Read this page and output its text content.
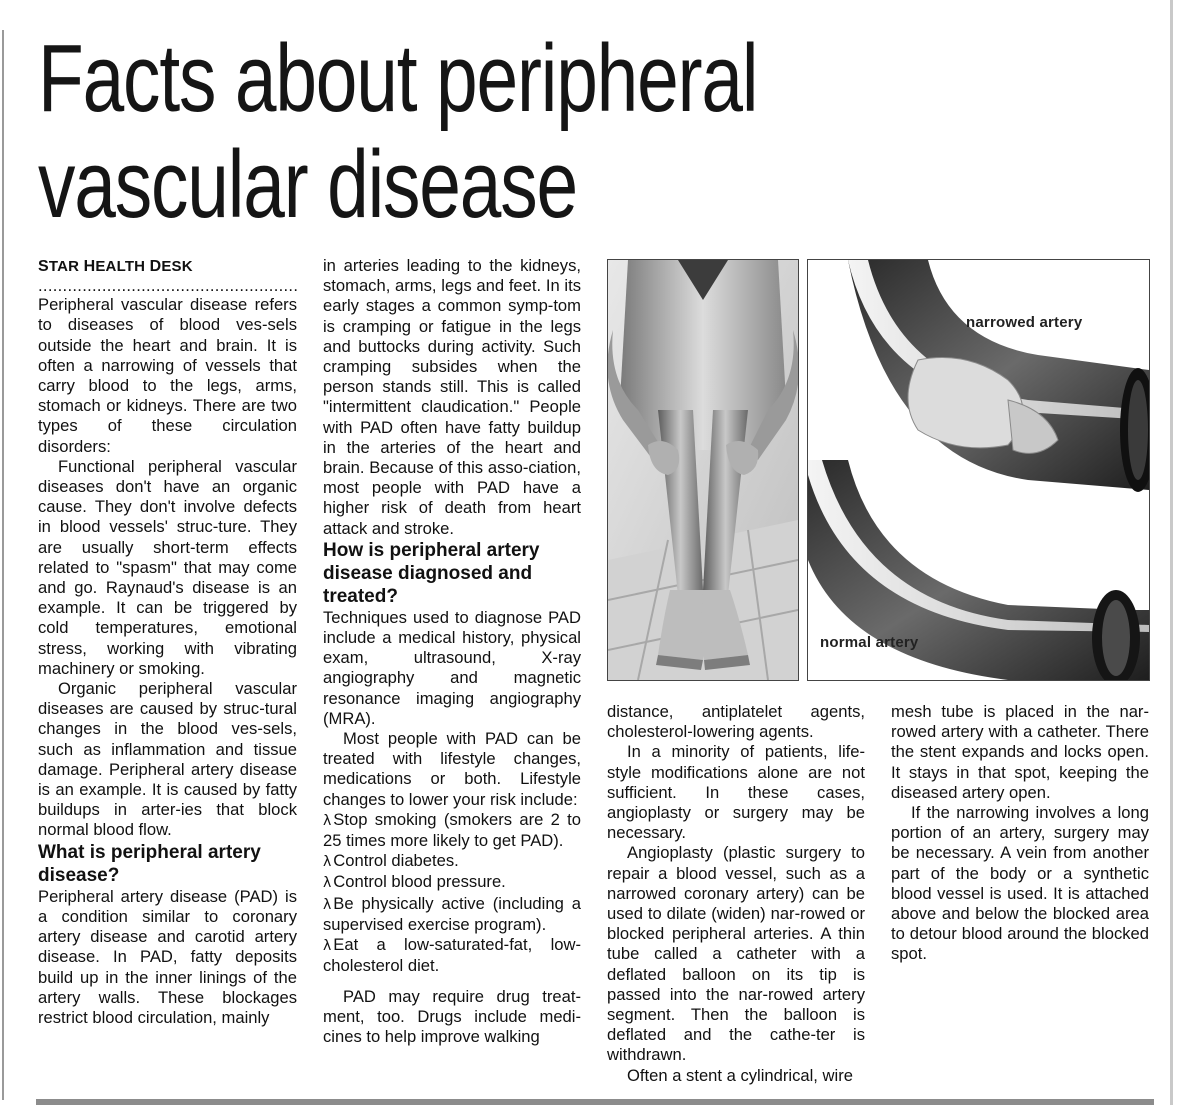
Facts about peripheral
vascular disease

STAR HEALTH DESK

.....................................................

Peripheral vascular disease refers to diseases of blood ves-sels outside the heart and brain. It is often a narrowing of vessels that carry blood to the legs, arms, stomach or kidneys. There are two types of these circulation disorders:

Functional peripheral vascular diseases don't have an organic cause. They don't involve defects in blood vessels' struc-ture. They are usually short-term effects related to "spasm" that may come and go. Raynaud's disease is an example. It can be triggered by cold temperatures, emotional stress, working with vibrating machinery or smoking.

Organic peripheral vascular diseases are caused by struc-tural changes in the blood ves-sels, such as inflammation and tissue damage. Peripheral artery disease is an example. It is caused by fatty buildups in arter-ies that block normal blood flow.

What is peripheral artery disease?

Peripheral artery disease (PAD) is a condition similar to coronary artery disease and carotid artery disease. In PAD, fatty deposits build up in the inner linings of the artery walls. These blockages restrict blood circulation, mainly

in arteries leading to the kidneys, stomach, arms, legs and feet. In its early stages a common symp-tom is cramping or fatigue in the legs and buttocks during activity. Such cramping subsides when the person stands still. This is called "intermittent claudication." People with PAD often have fatty buildup in the arteries of the heart and brain. Because of this asso-ciation, most people with PAD have a higher risk of death from heart attack and stroke.

How is peripheral artery disease diagnosed and treated?

Techniques used to diagnose PAD include a medical history, physical exam, ultrasound, X-ray angiography and magnetic resonance imaging angiography (MRA).

Most people with PAD can be treated with lifestyle changes, medications or both. Lifestyle changes to lower your risk include:

λ Stop smoking (smokers are 2 to 25 times more likely to get PAD).
λ Control diabetes.
λ Control blood pressure.
λ Be physically active (including a supervised exercise program).
λ Eat a low-saturated-fat, low-cholesterol diet.

PAD may require drug treat-ment, too. Drugs include medi-cines to help improve walking

narrowed artery
normal artery

distance, antiplatelet agents, cholesterol-lowering agents.

In a minority of patients, life-style modifications alone are not sufficient. In these cases, angioplasty or surgery may be necessary.

Angioplasty (plastic surgery to repair a blood vessel, such as a narrowed coronary artery) can be used to dilate (widen) nar-rowed or blocked peripheral arteries. A thin tube called a catheter with a deflated balloon on its tip is passed into the nar-rowed artery segment. Then the balloon is deflated and the cathe-ter is withdrawn.

Often a stent a cylindrical, wire

mesh tube is placed in the nar-rowed artery with a catheter. There the stent expands and locks open. It stays in that spot, keeping the diseased artery open.

If the narrowing involves a long portion of an artery, surgery may be necessary. A vein from another part of the body or a synthetic blood vessel is used. It is attached above and below the blocked area to detour blood around the blocked spot.
